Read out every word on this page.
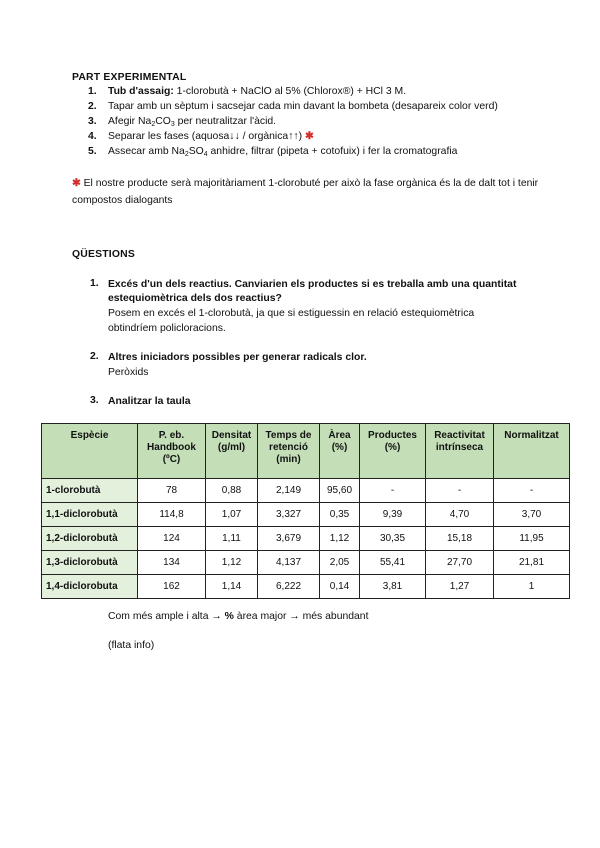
PART EXPERIMENTAL
1. Tub d'assaig: 1-clorobutà + NaClO al 5% (Chlorox®) + HCl 3 M.
2. Tapar amb un sèptum i sacsejar cada min davant la bombeta (desapareix color verd)
3. Afegir $Na_2CO_3$ per neutralitzar l'àcid.
4. Separar les fases (aquosa↓↓ / orgànica↑↑) ✱
5. Assecar amb $Na_2SO_4$ anhidre, filtrar (pipeta + cotofuix) i fer la cromatografia
✱ El nostre producte serà majoritàriament 1-clorobuté per això la fase orgànica és la de dalt tot i tenir compostos dialogants
QÜESTIONS
1. Excés d'un dels reactius. Canviarien els productes si es treballa amb una quantitat estequiomètrica dels dos reactius?
Posem en excés el 1-clorobutà, ja que si estiguessin en relació estequiomètrica obtindríem policloracions.
2. Altres iniciadors possibles per generar radicals clor.
Peròxids
3. Analitzar la taula
Espècie	P. eb. Handbook (ºC)	Densitat (g/ml)	Temps de retenció (min)	Àrea (%)	Productes (%)	Reactivitat intrínseca	Normalitzat
1-clorobutà	78	0,88	2,149	95,60	-	-	-
1,1-diclorobutà	114,8	1,07	3,327	0,35	9,39	4,70	3,70
1,2-diclorobutà	124	1,11	3,679	1,12	30,35	15,18	11,95
1,3-diclorobutà	134	1,12	4,137	2,05	55,41	27,70	21,81
1,4-diclorobuta	162	1,14	6,222	0,14	3,81	1,27	1
Com més ample i alta → % àrea major → més abundant
(flata info)
